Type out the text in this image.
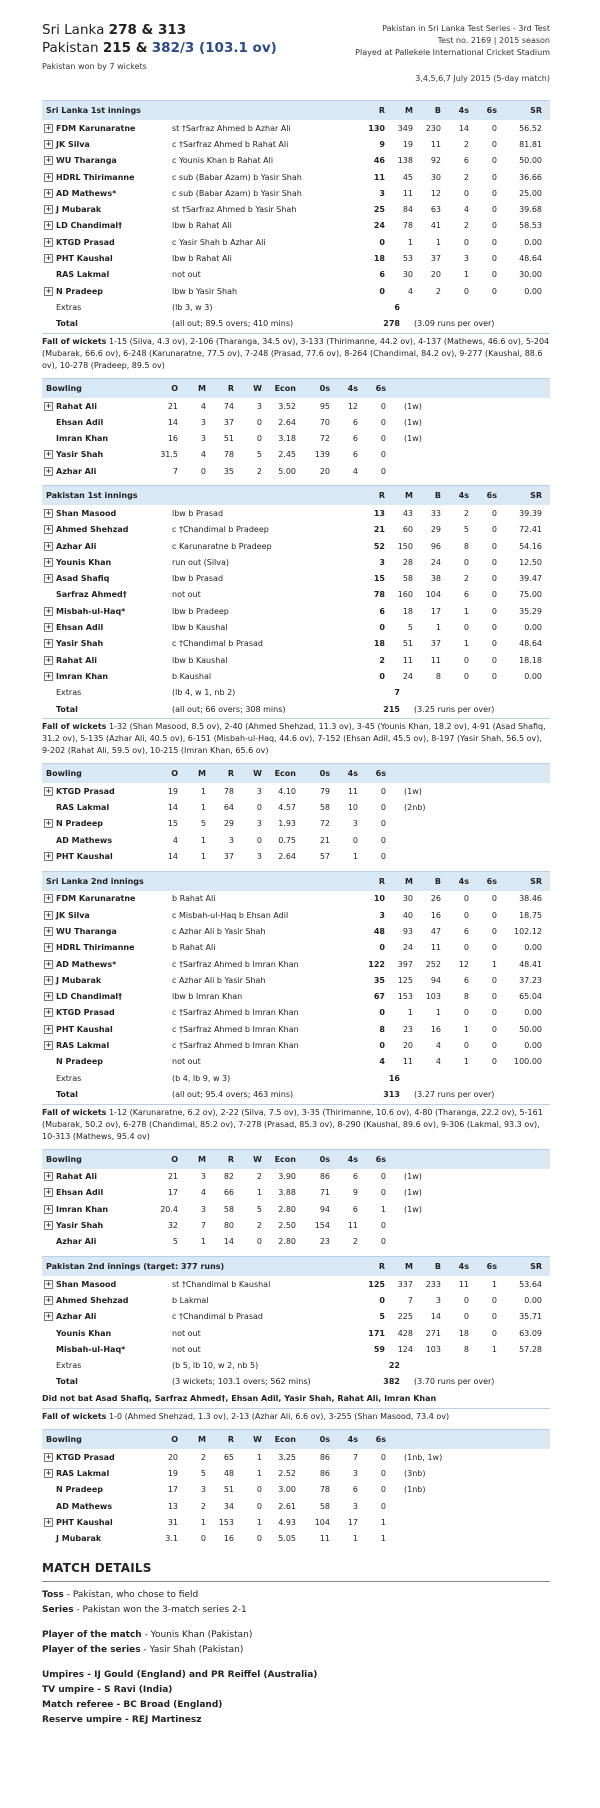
Sri Lanka 278 & 313
Pakistan 215 & 382/3 (103.1 ov)
Pakistan won by 7 wickets
Pakistan in Sri Lanka Test Series - 3rd Test
Test no. 2169 | 2015 season
Played at Pallekele International Cricket Stadium
3,4,5,6,7 July 2015 (5-day match)
Sri Lanka 1st innings	R	M	B	4s	6s	SR
+ FDM Karunaratne	st †Sarfraz Ahmed b Azhar Ali	130	349	230	14	0	56.52
+ JK Silva	c †Sarfraz Ahmed b Rahat Ali	9	19	11	2	0	81.81
+ WU Tharanga	c Younis Khan b Rahat Ali	46	138	92	6	0	50.00
+ HDRL Thirimanne	c sub (Babar Azam) b Yasir Shah	11	45	30	2	0	36.66
+ AD Mathews*	c sub (Babar Azam) b Yasir Shah	3	11	12	0	0	25.00
+ J Mubarak	st †Sarfraz Ahmed b Yasir Shah	25	84	63	4	0	39.68
+ LD Chandimal†	lbw b Rahat Ali	24	78	41	2	0	58.53
+ KTGD Prasad	c Yasir Shah b Azhar Ali	0	1	1	0	0	0.00
+ PHT Kaushal	lbw b Rahat Ali	18	53	37	3	0	48.64
RAS Lakmal	not out	6	30	20	1	0	30.00
+ N Pradeep	lbw b Yasir Shah	0	4	2	0	0	0.00
Extras	(lb 3, w 3)	6
Total	(all out; 89.5 overs; 410 mins)	278	(3.09 runs per over)
Fall of wickets 1-15 (Silva, 4.3 ov), 2-106 (Tharanga, 34.5 ov), 3-133 (Thirimanne, 44.2 ov), 4-137 (Mathews, 46.6 ov), 5-204 (Mubarak, 66.6 ov), 6-248 (Karunaratne, 77.5 ov), 7-248 (Prasad, 77.6 ov), 8-264 (Chandimal, 84.2 ov), 9-277 (Kaushal, 88.6 ov), 10-278 (Pradeep, 89.5 ov)
Bowling	O	M	R	W	Econ	0s	4s	6s
+ Rahat Ali	21	4	74	3	3.52	95	12	0	(1w)
Ehsan Adil	14	3	37	0	2.64	70	6	0	(1w)
Imran Khan	16	3	51	0	3.18	72	6	0	(1w)
+ Yasir Shah	31.5	4	78	5	2.45	139	6	0
+ Azhar Ali	7	0	35	2	5.00	20	4	0
Pakistan 1st innings	R	M	B	4s	6s	SR
+ Shan Masood	lbw b Prasad	13	43	33	2	0	39.39
+ Ahmed Shehzad	c †Chandimal b Pradeep	21	60	29	5	0	72.41
+ Azhar Ali	c Karunaratne b Pradeep	52	150	96	8	0	54.16
+ Younis Khan	run out (Silva)	3	28	24	0	0	12.50
+ Asad Shafiq	lbw b Prasad	15	58	38	2	0	39.47
Sarfraz Ahmed†	not out	78	160	104	6	0	75.00
+ Misbah-ul-Haq*	lbw b Pradeep	6	18	17	1	0	35.29
+ Ehsan Adil	lbw b Kaushal	0	5	1	0	0	0.00
+ Yasir Shah	c †Chandimal b Prasad	18	51	37	1	0	48.64
+ Rahat Ali	lbw b Kaushal	2	11	11	0	0	18.18
+ Imran Khan	b Kaushal	0	24	8	0	0	0.00
Extras	(lb 4, w 1, nb 2)	7
Total	(all out; 66 overs; 308 mins)	215	(3.25 runs per over)
Fall of wickets 1-32 (Shan Masood, 8.5 ov), 2-40 (Ahmed Shehzad, 11.3 ov), 3-45 (Younis Khan, 18.2 ov), 4-91 (Asad Shafiq, 31.2 ov), 5-135 (Azhar Ali, 40.5 ov), 6-151 (Misbah-ul-Haq, 44.6 ov), 7-152 (Ehsan Adil, 45.5 ov), 8-197 (Yasir Shah, 56.5 ov), 9-202 (Rahat Ali, 59.5 ov), 10-215 (Imran Khan, 65.6 ov)
Bowling	O	M	R	W	Econ	0s	4s	6s
+ KTGD Prasad	19	1	78	3	4.10	79	11	0	(1w)
RAS Lakmal	14	1	64	0	4.57	58	10	0	(2nb)
+ N Pradeep	15	5	29	3	1.93	72	3	0
AD Mathews	4	1	3	0	0.75	21	0	0
+ PHT Kaushal	14	1	37	3	2.64	57	1	0
Sri Lanka 2nd innings	R	M	B	4s	6s	SR
+ FDM Karunaratne	b Rahat Ali	10	30	26	0	0	38.46
+ JK Silva	c Misbah-ul-Haq b Ehsan Adil	3	40	16	0	0	18.75
+ WU Tharanga	c Azhar Ali b Yasir Shah	48	93	47	6	0	102.12
+ HDRL Thirimanne	b Rahat Ali	0	24	11	0	0	0.00
+ AD Mathews*	c †Sarfraz Ahmed b Imran Khan	122	397	252	12	1	48.41
+ J Mubarak	c Azhar Ali b Yasir Shah	35	125	94	6	0	37.23
+ LD Chandimal†	lbw b Imran Khan	67	153	103	8	0	65.04
+ KTGD Prasad	c †Sarfraz Ahmed b Imran Khan	0	1	1	0	0	0.00
+ PHT Kaushal	c †Sarfraz Ahmed b Imran Khan	8	23	16	1	0	50.00
+ RAS Lakmal	c †Sarfraz Ahmed b Imran Khan	0	20	4	0	0	0.00
N Pradeep	not out	4	11	4	1	0	100.00
Extras	(b 4, lb 9, w 3)	16
Total	(all out; 95.4 overs; 463 mins)	313	(3.27 runs per over)
Fall of wickets 1-12 (Karunaratne, 6.2 ov), 2-22 (Silva, 7.5 ov), 3-35 (Thirimanne, 10.6 ov), 4-80 (Tharanga, 22.2 ov), 5-161 (Mubarak, 50.2 ov), 6-278 (Chandimal, 85.2 ov), 7-278 (Prasad, 85.3 ov), 8-290 (Kaushal, 89.6 ov), 9-306 (Lakmal, 93.3 ov), 10-313 (Mathews, 95.4 ov)
Bowling	O	M	R	W	Econ	0s	4s	6s
+ Rahat Ali	21	3	82	2	3.90	86	6	0	(1w)
+ Ehsan Adil	17	4	66	1	3.88	71	9	0	(1w)
+ Imran Khan	20.4	3	58	5	2.80	94	6	1	(1w)
+ Yasir Shah	32	7	80	2	2.50	154	11	0
Azhar Ali	5	1	14	0	2.80	23	2	0
Pakistan 2nd innings (target: 377 runs)	R	M	B	4s	6s	SR
+ Shan Masood	st †Chandimal b Kaushal	125	337	233	11	1	53.64
+ Ahmed Shehzad	b Lakmal	0	7	3	0	0	0.00
+ Azhar Ali	c †Chandimal b Prasad	5	225	14	0	0	35.71
Younis Khan	not out	171	428	271	18	0	63.09
Misbah-ul-Haq*	not out	59	124	103	8	1	57.28
Extras	(b 5, lb 10, w 2, nb 5)	22
Total	(3 wickets; 103.1 overs; 562 mins)	382	(3.70 runs per over)
Did not bat Asad Shafiq, Sarfraz Ahmed†, Ehsan Adil, Yasir Shah, Rahat Ali, Imran Khan
Fall of wickets 1-0 (Ahmed Shehzad, 1.3 ov), 2-13 (Azhar Ali, 6.6 ov), 3-255 (Shan Masood, 73.4 ov)
Bowling	O	M	R	W	Econ	0s	4s	6s
+ KTGD Prasad	20	2	65	1	3.25	86	7	0	(1nb, 1w)
+ RAS Lakmal	19	5	48	1	2.52	86	3	0	(3nb)
N Pradeep	17	3	51	0	3.00	78	6	0	(1nb)
AD Mathews	13	2	34	0	2.61	58	3	0
+ PHT Kaushal	31	1	153	1	4.93	104	17	1
J Mubarak	3.1	0	16	0	5.05	11	1	1
MATCH DETAILS
Toss - Pakistan, who chose to field
Series - Pakistan won the 3-match series 2-1
Player of the match - Younis Khan (Pakistan)
Player of the series - Yasir Shah (Pakistan)
Umpires - IJ Gould (England) and PR Reiffel (Australia)
TV umpire - S Ravi (India)
Match referee - BC Broad (England)
Reserve umpire - REJ Martinesz
